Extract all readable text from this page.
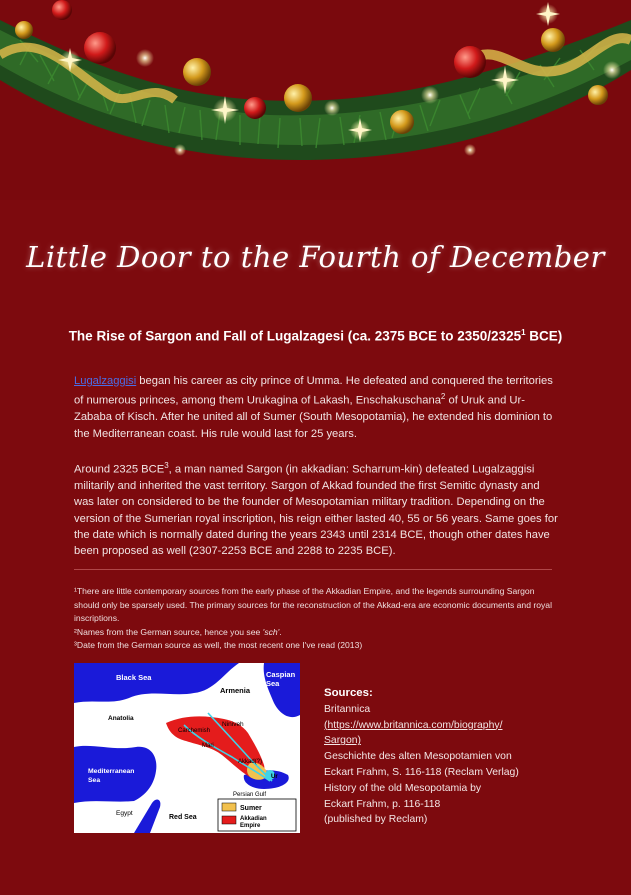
Little Door to the Fourth of December
The Rise of Sargon and Fall of Lugalzagesi (ca. 2375 BCE to 2350/2325$^1$ BCE)
Lugalzaggisi began his career as city prince of Umma. He defeated and conquered the territories of numerous princes, among them Urukagina of Lakash, Enschakuschana$^2$ of Uruk and Ur-Zababa of Kisch. After he united all of Sumer (South Mesopotamia), he extended his dominion to the Mediterranean coast. His rule would last for 25 years.
Around 2325 BCE$^3$, a man named Sargon (in akkadian: Scharrum-kin) defeated Lugalzaggisi militarily and inherited the vast territory. Sargon of Akkad founded the first Semitic dynasty and was later on considered to be the founder of Mesopotamian military tradition. Depending on the version of the Sumerian royal inscription, his reign either lasted 40, 55 or 56 years. Same goes for the date which is normally dated during the years 2343 until 2314 BCE, though other dates have been proposed as well (2307-2253 BCE and 2288 to 2235 BCE).
¹There are little contemporary sources from the early phase of the Akkadian Empire, and the legends surrounding Sargon should only be sparsely used. The primary sources for the reconstruction of the Akkad-era are economic documents and royal inscriptions.
²Names from the German source, hence you see 'sch'.
³Date from the German source as well, the most recent one I've read (2013)
Black Sea	Caspian
Sea
Armenia
Anatolia
Niniveh
Carchemish
Mari
Akkad(?)
Ur
Mediterranean
Sea
Persian Gulf
Egypt
Red Sea
Sumer
Akkadian
Empire
Sources:
Britannica
(https://www.britannica.com/biography/
Sargon)
Geschichte des alten Mesopotamien von
Eckart Frahm, S. 116-118 (Reclam Verlag)
History of the old Mesopotamia by
Eckart Frahm, p. 116-118
(published by Reclam)
